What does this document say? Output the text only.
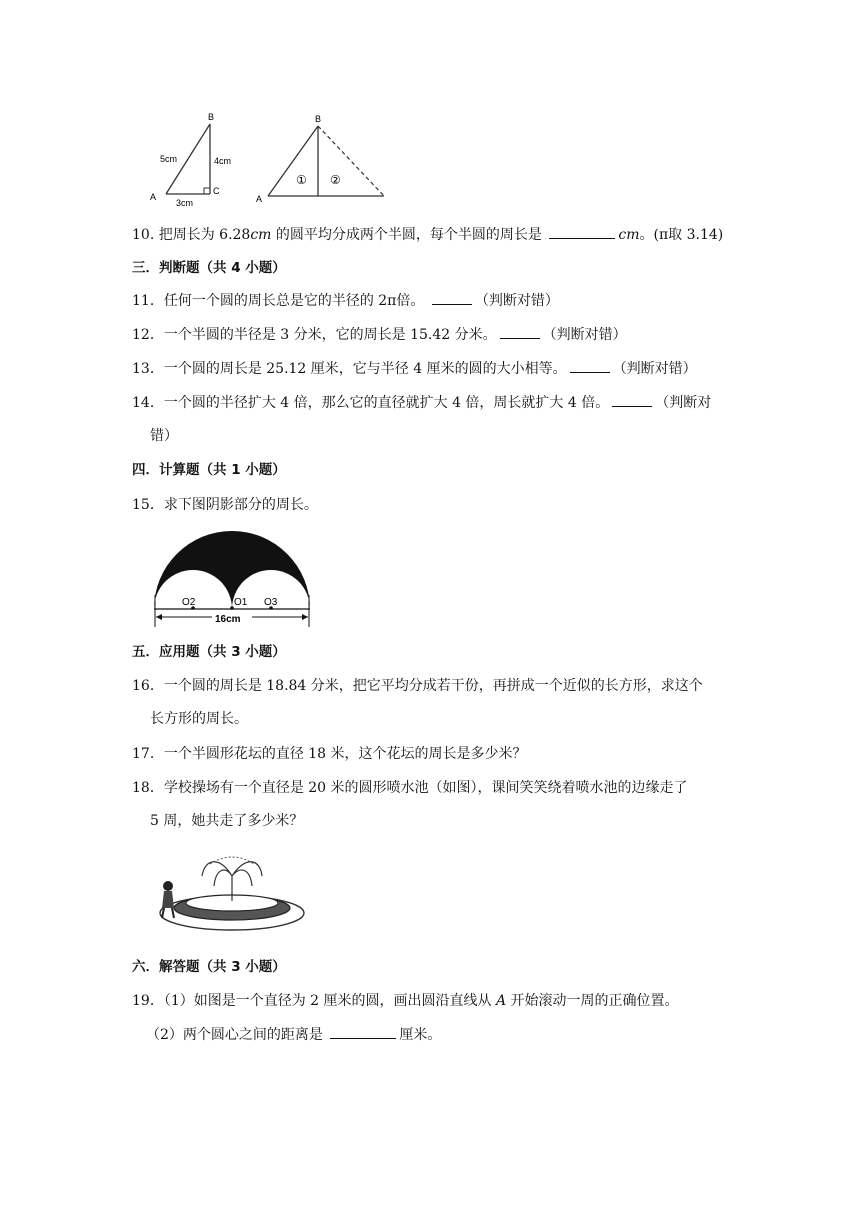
A
B
C
5cm	4cm
3cm	A
B
① ②
10. 把周长为 6.28cm 的圆平均分成两个半圆，每个半圆的周长是	cm。(π取 3.14)
三．判断题（共 4 小题）
11．任何一个圆的周长总是它的半径的 2π倍。	（判断对错）
12．一个半圆的半径是 3 分米，它的周长是 15.42 分米。	（判断对错）
13．一个圆的周长是 25.12 厘米，它与半径 4 厘米的圆的大小相等。	（判断对错）
14．一个圆的半径扩大 4 倍，那么它的直径就扩大 4 倍，周长就扩大 4 倍。	（判断对
错）
四．计算题（共 1 小题）
15．求下图阴影部分的周长。
16cm
O2	O1 O3
五．应用题（共 3 小题）
16．一个圆的周长是 18.84 分米，把它平均分成若干份，再拼成一个近似的长方形，求这个
长方形的周长。
17．一个半圆形花坛的直径 18 米，这个花坛的周长是多少米？
18．学校操场有一个直径是 20 米的圆形喷水池（如图），课间笑笑绕着喷水池的边缘走了
5 周，她共走了多少米？
六．解答题（共 3 小题）
19．（1）如图是一个直径为 2 厘米的圆，画出圆沿直线从 A 开始滚动一周的正确位置。
（2）两个圆心之间的距离是	厘米。
